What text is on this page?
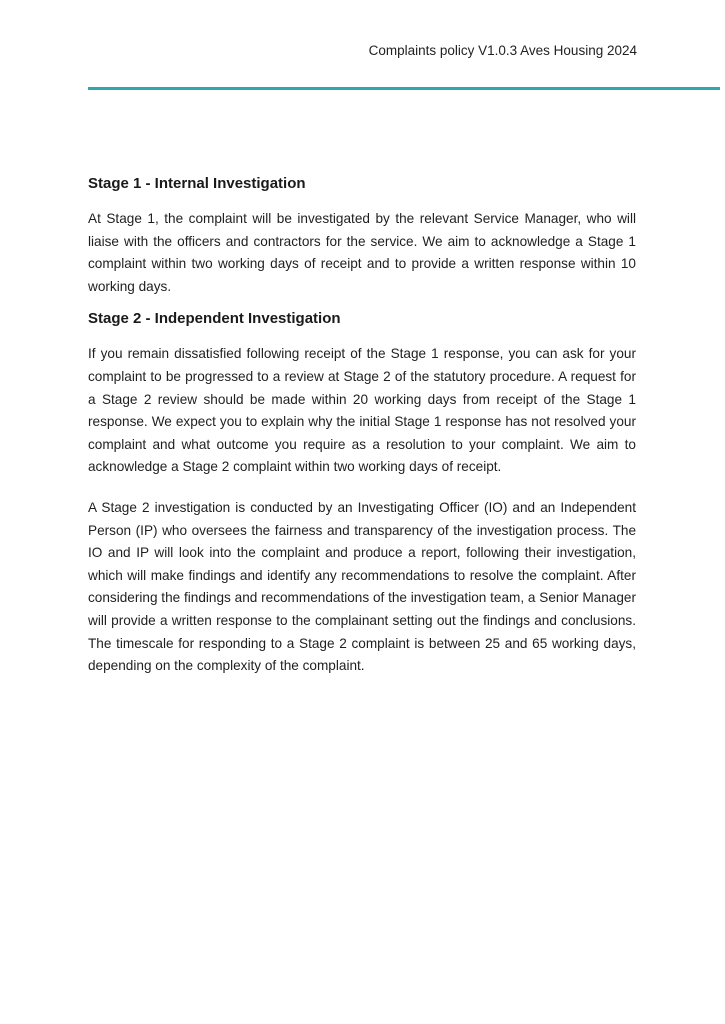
Complaints policy V1.0.3 Aves Housing 2024
Stage 1 - Internal Investigation

At Stage 1, the complaint will be investigated by the relevant Service Manager, who will liaise with the officers and contractors for the service. We aim to acknowledge a Stage 1 complaint within two working days of receipt and to provide a written response within 10 working days.

Stage 2 - Independent Investigation

If you remain dissatisfied following receipt of the Stage 1 response, you can ask for your complaint to be progressed to a review at Stage 2 of the statutory procedure. A request for a Stage 2 review should be made within 20 working days from receipt of the Stage 1 response. We expect you to explain why the initial Stage 1 response has not resolved your complaint and what outcome you require as a resolution to your complaint. We aim to acknowledge a Stage 2 complaint within two working days of receipt.

A Stage 2 investigation is conducted by an Investigating Officer (IO) and an Independent Person (IP) who oversees the fairness and transparency of the investigation process. The IO and IP will look into the complaint and produce a report, following their investigation, which will make findings and identify any recommendations to resolve the complaint. After considering the findings and recommendations of the investigation team, a Senior Manager will provide a written response to the complainant setting out the findings and conclusions. The timescale for responding to a Stage 2 complaint is between 25 and 65 working days, depending on the complexity of the complaint.
